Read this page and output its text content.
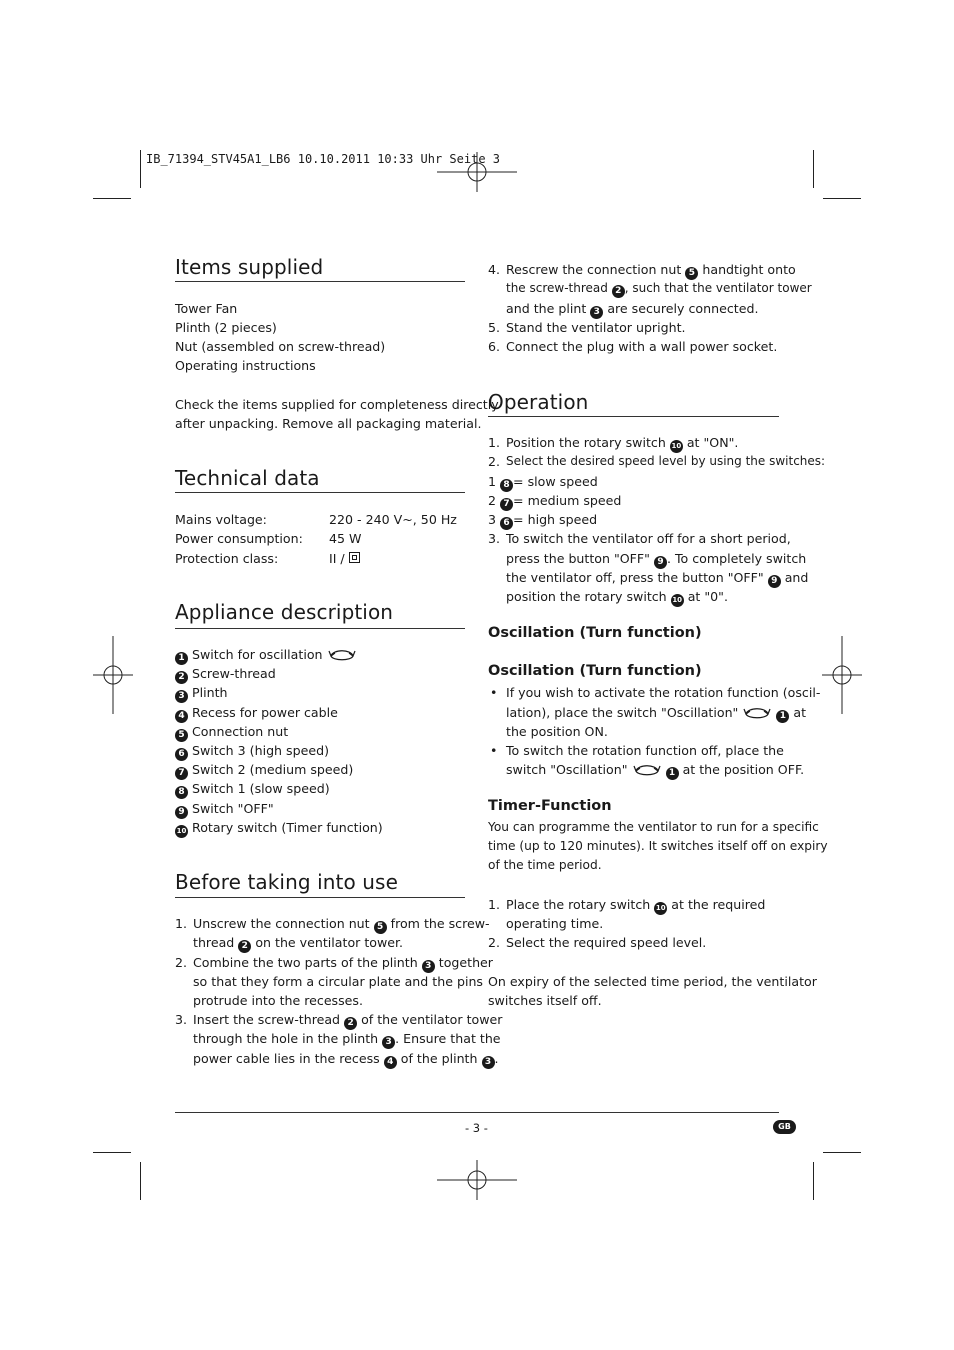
IB_71394_STV45A1_LB6 10.10.2011 10:33 Uhr Seite 3
Items supplied
Tower Fan
Plinth (2 pieces)
Nut (assembled on screw-thread)
Operating instructions
Check the items supplied for completeness directly
after unpacking. Remove all packaging material.
Technical data
Mains voltage:	220 - 240 V~, 50 Hz
Power consumption: 45 W
Protection class:	II /
Appliance description
1 Switch for oscillation
2 Screw-thread
3 Plinth
4 Recess for power cable
5 Connection nut
6 Switch 3 (high speed)
7 Switch 2 (medium speed)
8 Switch 1 (slow speed)
9 Switch "OFF"
10 Rotary switch (Timer function)
Before taking into use
1. Unscrew the connection nut 5 from the screw-
thread 2 on the ventilator tower.
2. Combine the two parts of the plinth 3 together
so that they form a circular plate and the pins
protrude into the recesses.
3. Insert the screw-thread 2 of the ventilator tower
through the hole in the plinth 3 . Ensure that the
power cable lies in the recess 4 of the plinth 3 .
4. Rescrew the connection nut 5 handtight onto
the screw-thread 2 , such that the ventilator tower
and the plint 3 are securely connected.
5. Stand the ventilator upright.
6. Connect the plug with a wall power socket.
Operation
1. Position the rotary switch 10 at "ON".
2. Select the desired speed level by using the switches:
1 8 = slow speed
2 7 = medium speed
3 6 = high speed
3. To switch the ventilator off for a short period,
press the button "OFF" 9 . To completely switch
the ventilator off, press the button "OFF" 9 and
position the rotary switch 10 at "0".
Oscillation (Turn function)
Oscillation (Turn function)
• If you wish to activate the rotation function (oscil-
lation), place the switch "Oscillation"	1 at
the position ON.
• To switch the rotation function off, place the
switch "Oscillation"	1 at the position OFF.
Timer-Function
You can programme the ventilator to run for a specific
time (up to 120 minutes). It switches itself off on expiry
of the time period.
1. Place the rotary switch 10 at the required
operating time.
2. Select the required speed level.
On expiry of the selected time period, the ventilator
switches itself off.
- 3 -	GB
